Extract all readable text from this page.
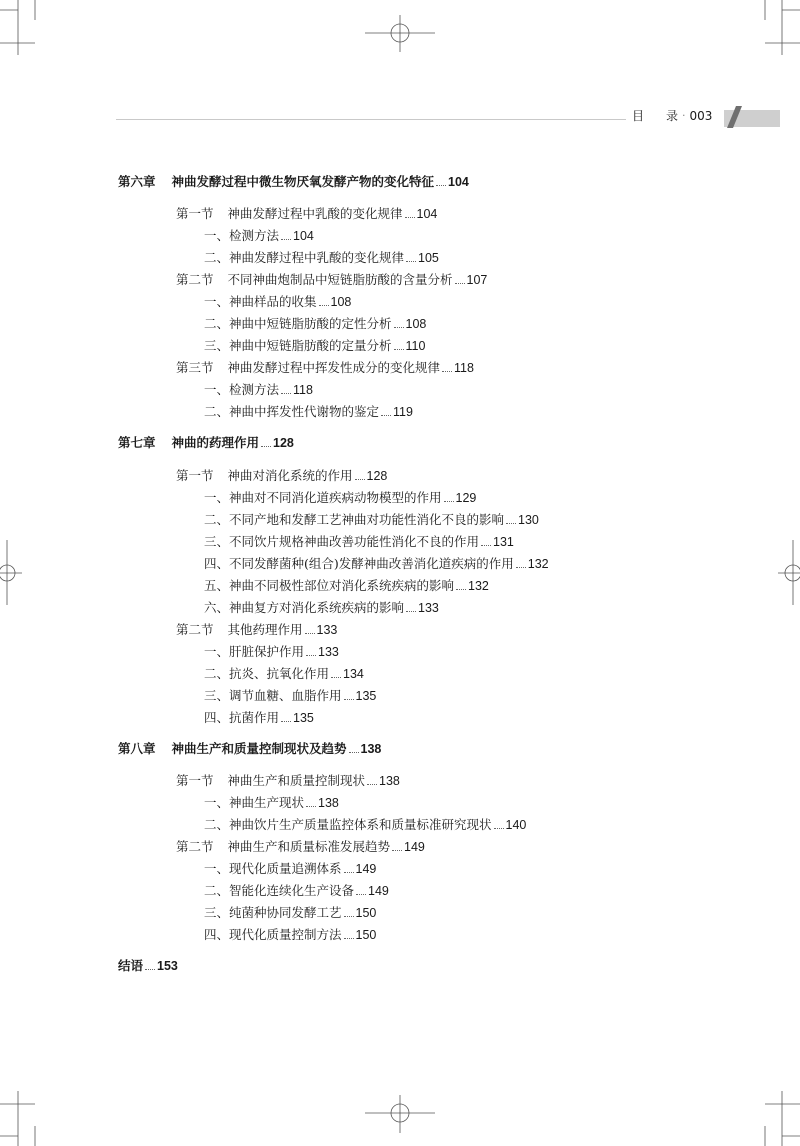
目 录 · 003
第六章 神曲发酵过程中微生物厌氧发酵产物的变化特征 104
第一节 神曲发酵过程中乳酸的变化规律 104
一、检测方法 104
二、神曲发酵过程中乳酸的变化规律 105
第二节 不同神曲炮制品中短链脂肪酸的含量分析 107
一、神曲样品的收集 108
二、神曲中短链脂肪酸的定性分析 108
三、神曲中短链脂肪酸的定量分析 110
第三节 神曲发酵过程中挥发性成分的变化规律 118
一、检测方法 118
二、神曲中挥发性代谢物的鉴定 119
第七章 神曲的药理作用 128
第一节 神曲对消化系统的作用 128
一、神曲对不同消化道疾病动物模型的作用 129
二、不同产地和发酵工艺神曲对功能性消化不良的影响 130
三、不同饮片规格神曲改善功能性消化不良的作用 131
四、不同发酵菌种(组合)发酵神曲改善消化道疾病的作用 132
五、神曲不同极性部位对消化系统疾病的影响 132
六、神曲复方对消化系统疾病的影响 133
第二节 其他药理作用 133
一、肝脏保护作用 133
二、抗炎、抗氧化作用 134
三、调节血糖、血脂作用 135
四、抗菌作用 135
第八章 神曲生产和质量控制现状及趋势 138
第一节 神曲生产和质量控制现状 138
一、神曲生产现状 138
二、神曲饮片生产质量监控体系和质量标准研究现状 140
第二节 神曲生产和质量标准发展趋势 149
一、现代化质量追溯体系 149
二、智能化连续化生产设备 149
三、纯菌种协同发酵工艺 150
四、现代化质量控制方法 150
结语 153
